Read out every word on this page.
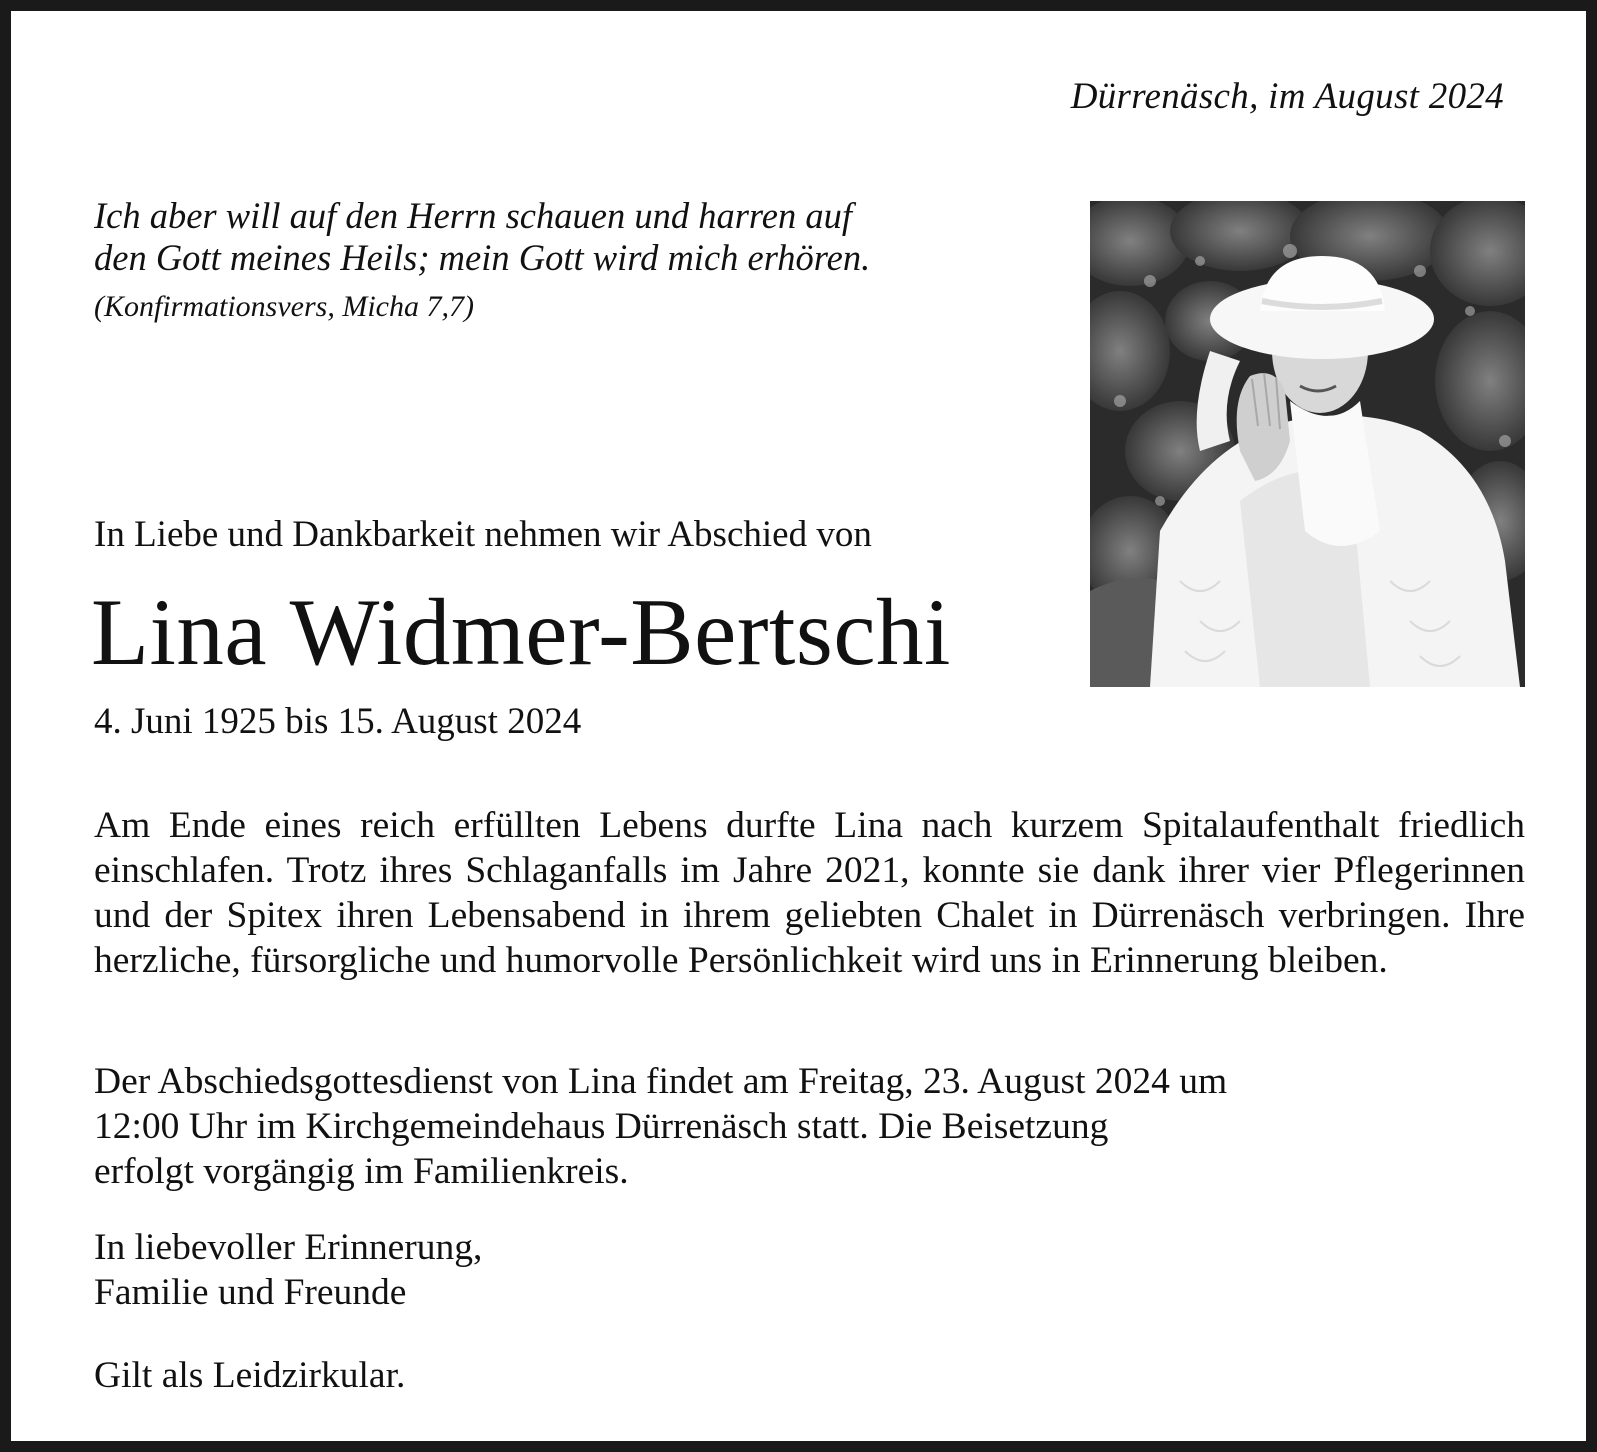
Dürrenäsch, im August 2024
Ich aber will auf den Herrn schauen und harren auf
den Gott meines Heils; mein Gott wird mich erhören.
(Konfirmationsvers, Micha 7,7)
In Liebe und Dankbarkeit nehmen wir Abschied von
Lina Widmer-Bertschi
4. Juni 1925 bis 15. August 2024
Am Ende eines reich erfüllten Lebens durfte Lina nach kurzem Spitalaufenthalt friedlich einschlafen. Trotz ihres Schlaganfalls im Jahre 2021, konnte sie dank ihrer vier Pflegerinnen und der Spitex ihren Lebensabend in ihrem geliebten Chalet in Dürrenäsch verbringen. Ihre herzliche, fürsorgliche und humorvolle Persönlichkeit wird uns in Erinnerung bleiben.
Der Abschiedsgottesdienst von Lina findet am Freitag, 23. August 2024 um
12:00 Uhr im Kirchgemeindehaus Dürrenäsch statt. Die Beisetzung
erfolgt vorgängig im Familienkreis.
In liebevoller Erinnerung,
Familie und Freunde
Gilt als Leidzirkular.
